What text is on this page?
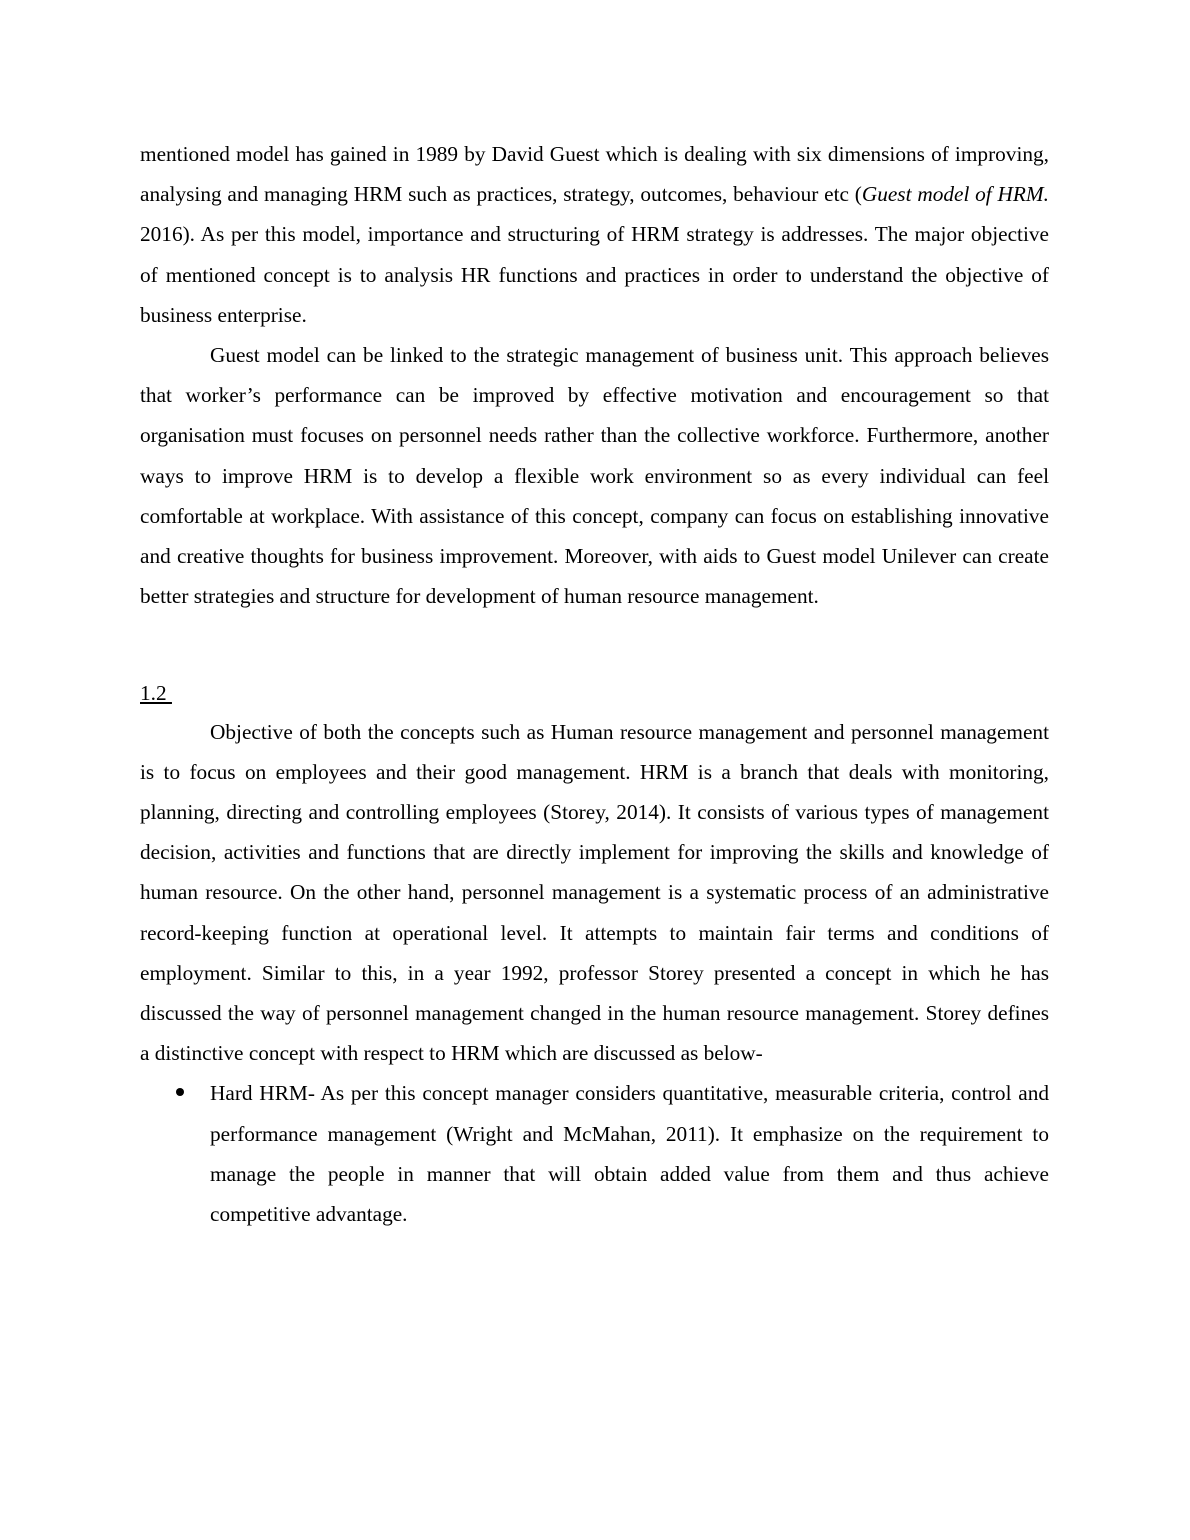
mentioned model has gained in 1989 by David Guest which is dealing with six dimensions of improving, analysing and managing HRM such as practices, strategy, outcomes, behaviour etc (Guest model of HRM. 2016). As per this model, importance and structuring of HRM strategy is addresses. The major objective of mentioned concept is to analysis HR functions and practices in order to understand the objective of business enterprise.

Guest model can be linked to the strategic management of business unit. This approach believes that worker’s performance can be improved by effective motivation and encouragement so that organisation must focuses on personnel needs rather than the collective workforce. Furthermore, another ways to improve HRM is to develop a flexible work environment so as every individual can feel comfortable at workplace. With assistance of this concept, company can focus on establishing innovative and creative thoughts for business improvement. Moreover, with aids to Guest model Unilever can create better strategies and structure for development of human resource management.

1.2

Objective of both the concepts such as Human resource management and personnel management is to focus on employees and their good management. HRM is a branch that deals with monitoring, planning, directing and controlling employees (Storey, 2014). It consists of various types of management decision, activities and functions that are directly implement for improving the skills and knowledge of human resource. On the other hand, personnel management is a systematic process of an administrative record-keeping function at operational level. It attempts to maintain fair terms and conditions of employment. Similar to this, in a year 1992, professor Storey presented a concept in which he has discussed the way of personnel management changed in the human resource management. Storey defines a distinctive concept with respect to HRM which are discussed as below-

Hard HRM- As per this concept manager considers quantitative, measurable criteria, control and performance management (Wright and McMahan, 2011). It emphasize on the requirement to manage the people in manner that will obtain added value from them and thus achieve competitive advantage.
